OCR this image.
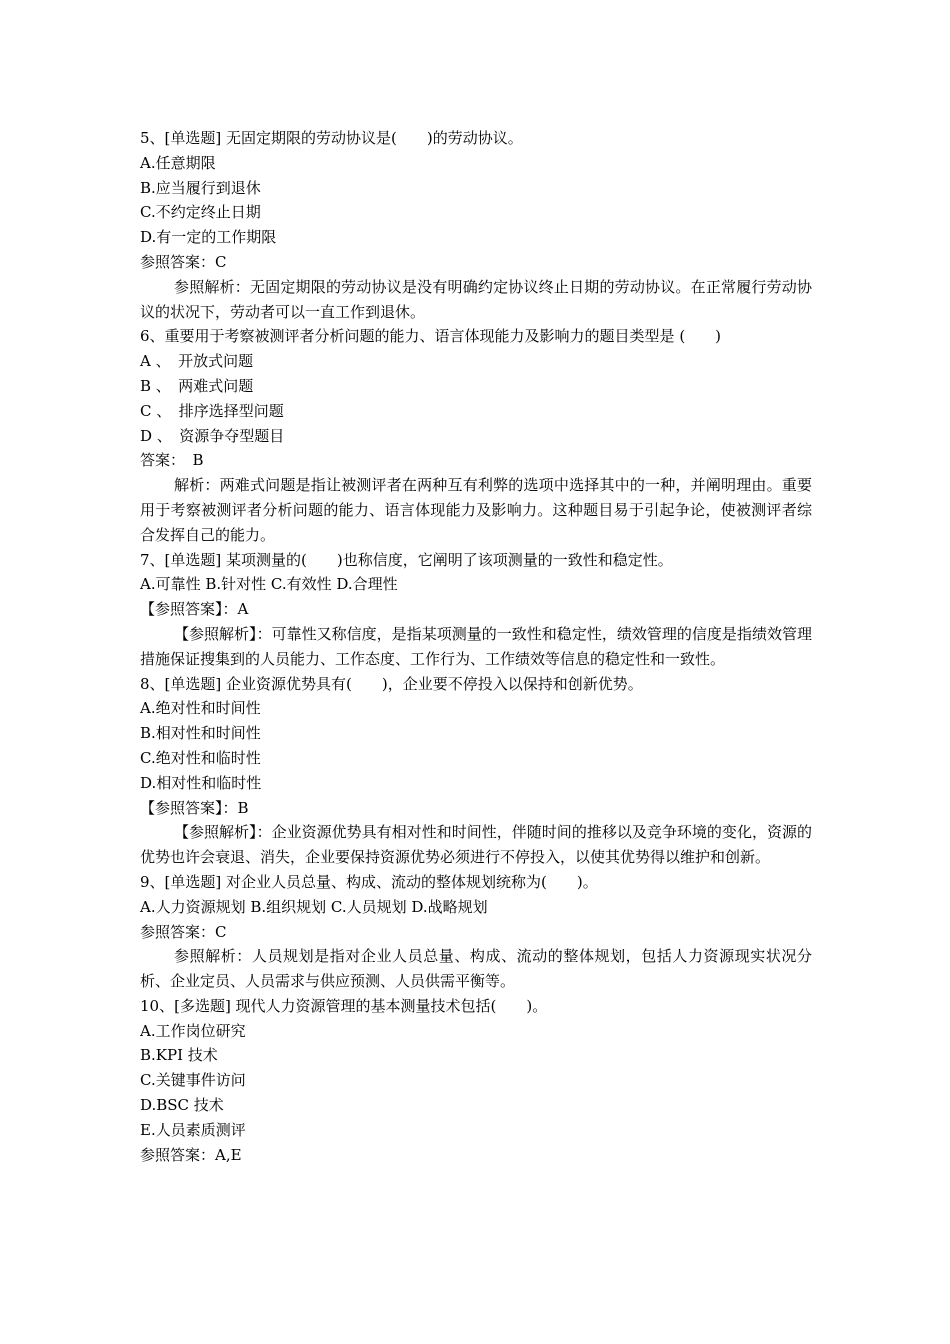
5、[单选题] 无固定期限的劳动协议是(　　)的劳动协议。

A.任意期限

B.应当履行到退休

C.不约定终止日期

D.有一定的工作期限

参照答案：C

参照解析：无固定期限的劳动协议是没有明确约定协议终止日期的劳动协议。在正常履行劳动协议的状况下，劳动者可以一直工作到退休。

6、重要用于考察被测评者分析问题的能力、语言体现能力及影响力的题目类型是 (　　)

A 、　开放式问题

B 、　两难式问题

C 、　排序选择型问题

D 、　资源争夺型题目

答案：　B

解析：两难式问题是指让被测评者在两种互有利弊的选项中选择其中的一种，并阐明理由。重要用于考察被测评者分析问题的能力、语言体现能力及影响力。这种题目易于引起争论，使被测评者综合发挥自己的能力。

7、[单选题] 某项测量的(　　)也称信度，它阐明了该项测量的一致性和稳定性。

A.可靠性 B.针对性 C.有效性 D.合理性

【参照答案】：A

【参照解析】：可靠性又称信度，是指某项测量的一致性和稳定性，绩效管理的信度是指绩效管理措施保证搜集到的人员能力、工作态度、工作行为、工作绩效等信息的稳定性和一致性。

8、[单选题] 企业资源优势具有(　　)，企业要不停投入以保持和创新优势。

A.绝对性和时间性

B.相对性和时间性

C.绝对性和临时性

D.相对性和临时性

【参照答案】：B

【参照解析】：企业资源优势具有相对性和时间性，伴随时间的推移以及竞争环境的变化，资源的优势也许会衰退、消失，企业要保持资源优势必须进行不停投入，以使其优势得以维护和创新。

9、[单选题] 对企业人员总量、构成、流动的整体规划统称为(　　)。

A.人力资源规划 B.组织规划 C.人员规划 D.战略规划

参照答案：C

参照解析：人员规划是指对企业人员总量、构成、流动的整体规划，包括人力资源现实状况分析、企业定员、人员需求与供应预测、人员供需平衡等。

10、[多选题] 现代人力资源管理的基本测量技术包括(　　)。

A.工作岗位研究

B.KPI 技术

C.关键事件访问

D.BSC 技术

E.人员素质测评

参照答案：A,E
